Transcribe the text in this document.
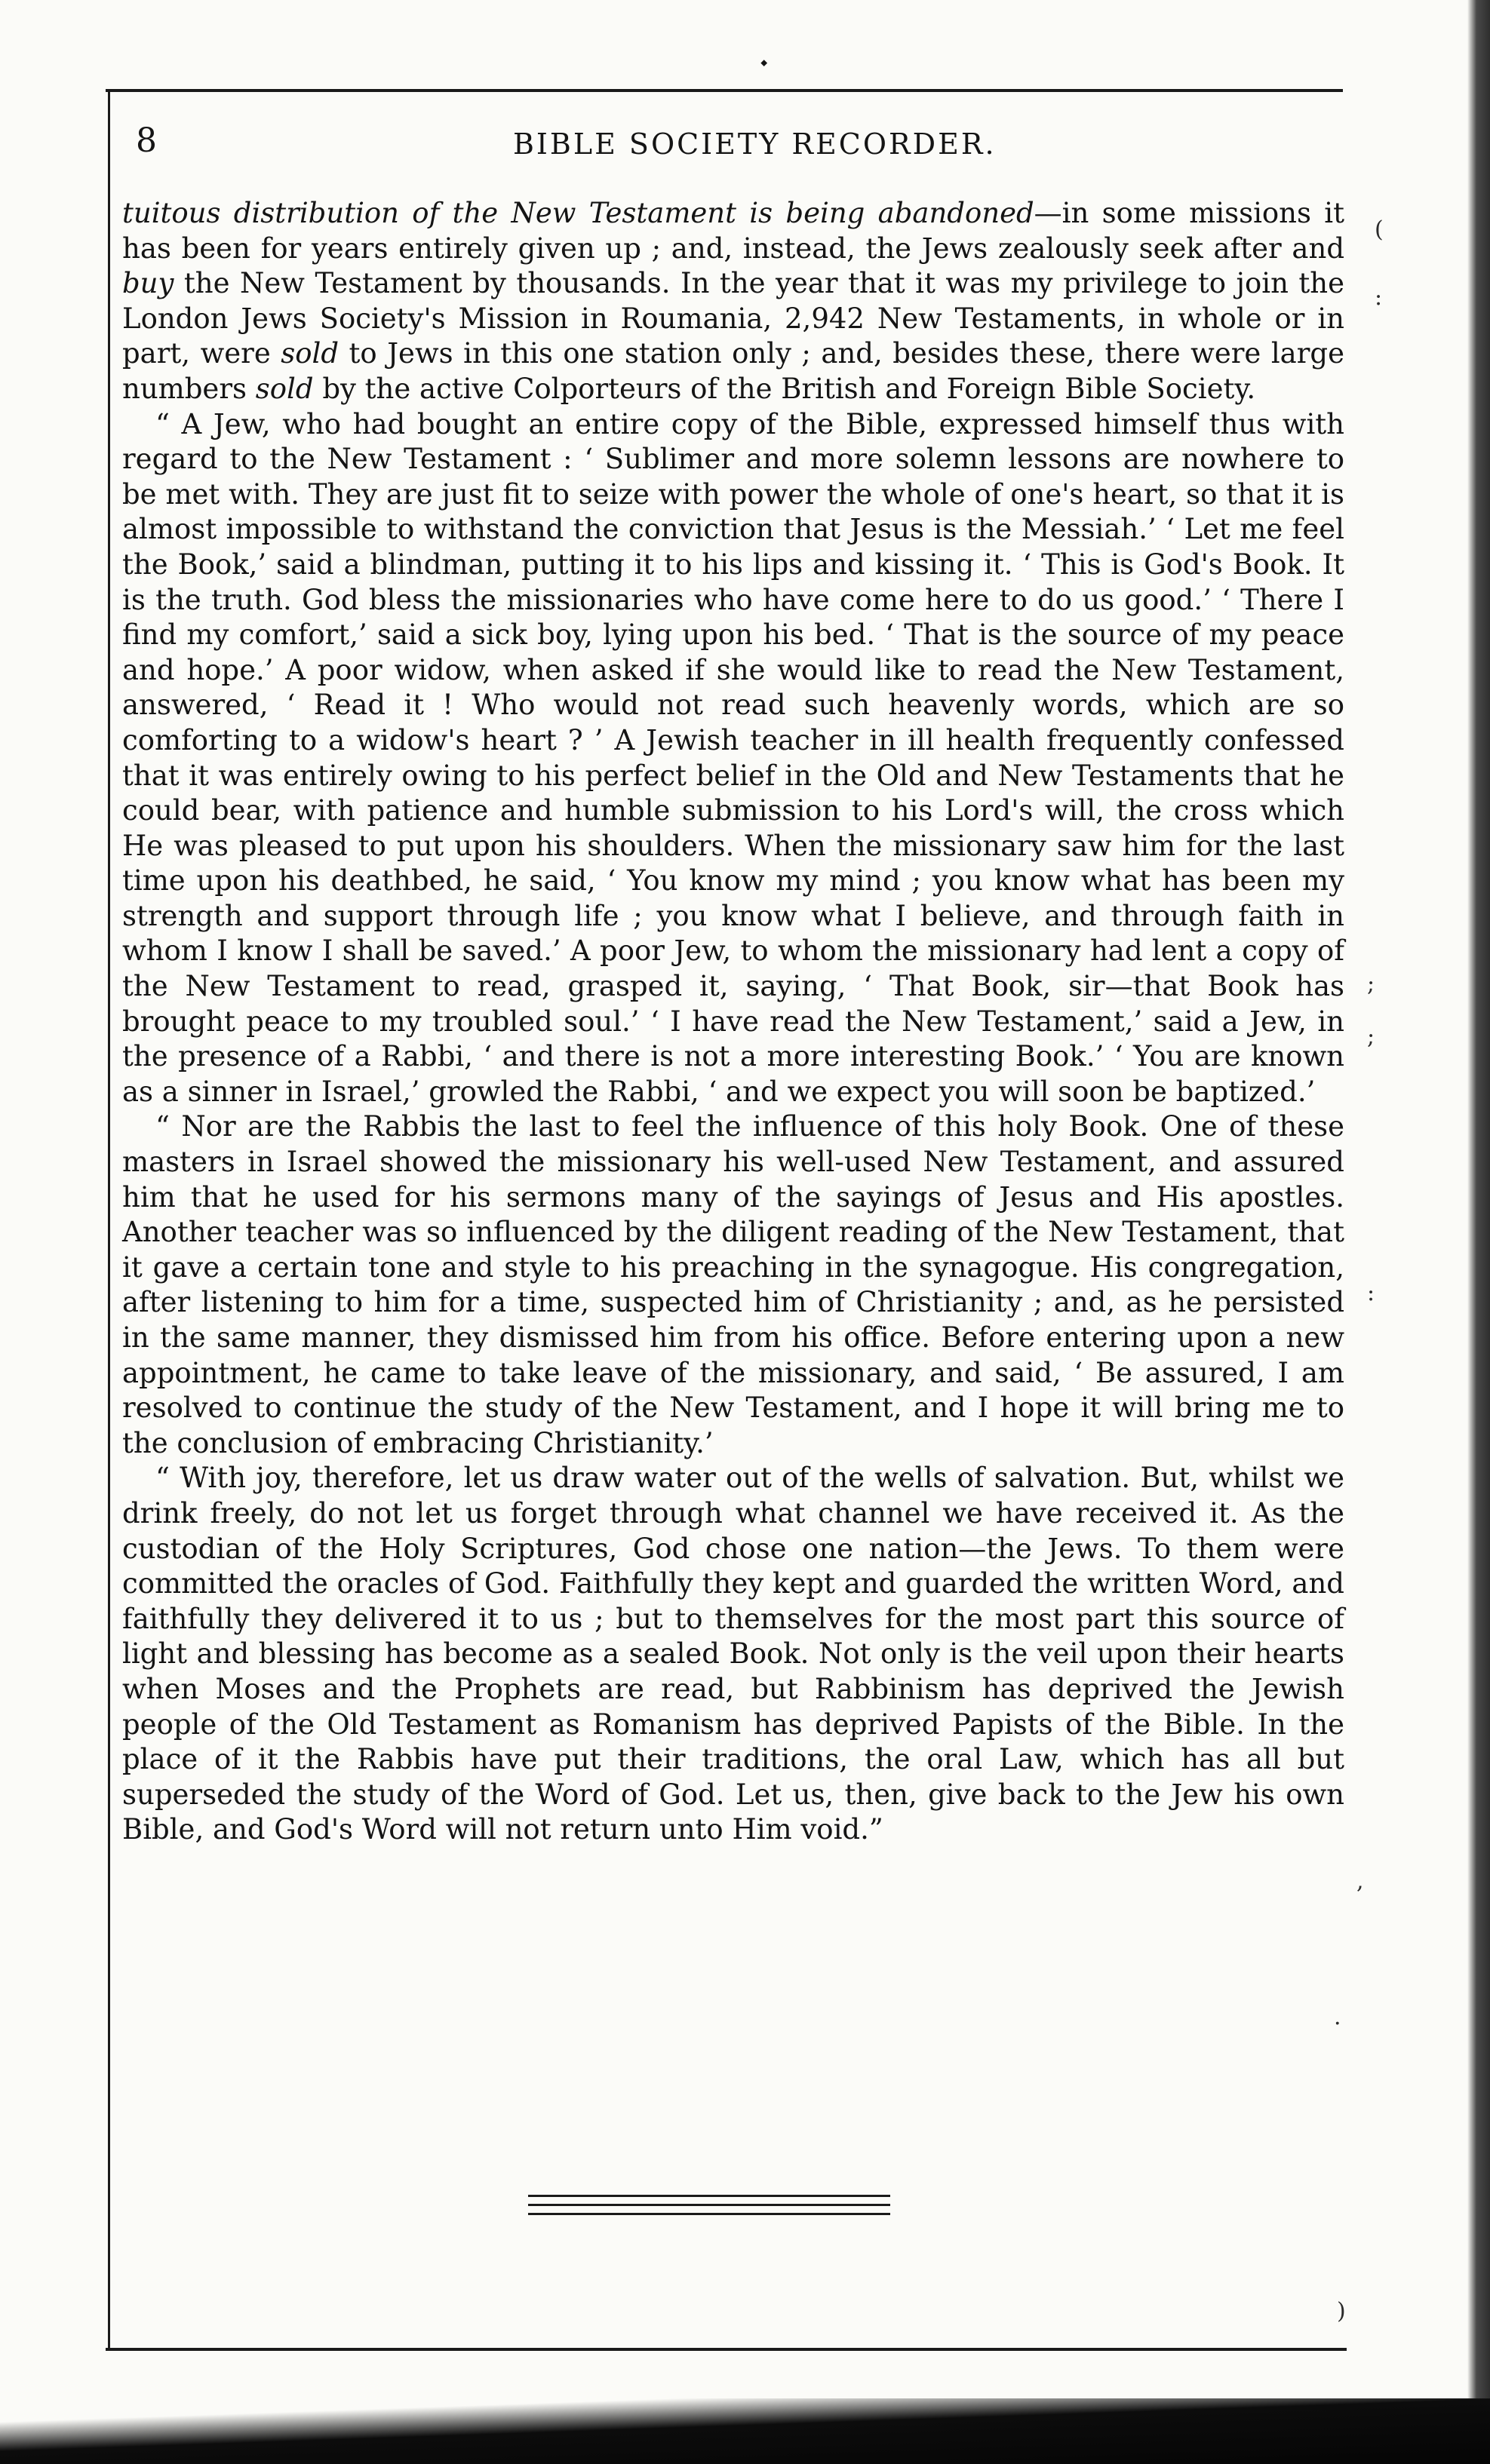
⬩
8	BIBLE SOCIETY RECORDER.

tuitous distribution of the New Testament is being abandoned—in some missions it has been for years entirely given up ; and, instead, the Jews zealously seek after and buy the New Testament by thousands. In the year that it was my privilege to join the London Jews Society's Mission in Roumania, 2,942 New Testaments, in whole or in part, were sold to Jews in this one station only ; and, besides these, there were large numbers sold by the active Colporteurs of the British and Foreign Bible Society.

“ A Jew, who had bought an entire copy of the Bible, expressed himself thus with regard to the New Testament : ‘ Sublimer and more solemn lessons are nowhere to be met with. They are just fit to seize with power the whole of one's heart, so that it is almost impossible to withstand the conviction that Jesus is the Messiah.’ ‘ Let me feel the Book,’ said a blindman, putting it to his lips and kissing it. ‘ This is God's Book. It is the truth. God bless the missionaries who have come here to do us good.’ ‘ There I find my comfort,’ said a sick boy, lying upon his bed. ‘ That is the source of my peace and hope.’ A poor widow, when asked if she would like to read the New Testament, answered, ‘ Read it ! Who would not read such heavenly words, which are so comforting to a widow's heart ? ’ A Jewish teacher in ill health frequently confessed that it was entirely owing to his perfect belief in the Old and New Testaments that he could bear, with patience and humble submission to his Lord's will, the cross which He was pleased to put upon his shoulders. When the missionary saw him for the last time upon his deathbed, he said, ‘ You know my mind ; you know what has been my strength and support through life ; you know what I believe, and through faith in whom I know I shall be saved.’ A poor Jew, to whom the missionary had lent a copy of the New Testament to read, grasped it, saying, ‘ That Book, sir—that Book has brought peace to my troubled soul.’ ‘ I have read the New Testament,’ said a Jew, in the presence of a Rabbi, ‘ and there is not a more interesting Book.’ ‘ You are known as a sinner in Israel,’ growled the Rabbi, ‘ and we expect you will soon be baptized.’

“ Nor are the Rabbis the last to feel the influence of this holy Book. One of these masters in Israel showed the missionary his well-used New Testament, and assured him that he used for his sermons many of the sayings of Jesus and His apostles. Another teacher was so influenced by the diligent reading of the New Testament, that it gave a certain tone and style to his preaching in the synagogue. His congregation, after listening to him for a time, suspected him of Christianity ; and, as he persisted in the same manner, they dismissed him from his office. Before entering upon a new appointment, he came to take leave of the missionary, and said, ‘ Be assured, I am resolved to continue the study of the New Testament, and I hope it will bring me to the conclusion of embracing Christianity.’

“ With joy, therefore, let us draw water out of the wells of salvation. But, whilst we drink freely, do not let us forget through what channel we have received it. As the custodian of the Holy Scriptures, God chose one nation—the Jews. To them were committed the oracles of God. Faithfully they kept and guarded the written Word, and faithfully they delivered it to us ; but to themselves for the most part this source of light and blessing has become as a sealed Book. Not only is the veil upon their hearts when Moses and the Prophets are read, but Rabbinism has deprived the Jewish people of the Old Testament as Romanism has deprived Papists of the Bible. In the place of it the Rabbis have put their traditions, the oral Law, which has all but superseded the study of the Word of God. Let us, then, give back to the Jew his own Bible, and God's Word will not return unto Him void.”

(
:
;
;
:
,
.
)
